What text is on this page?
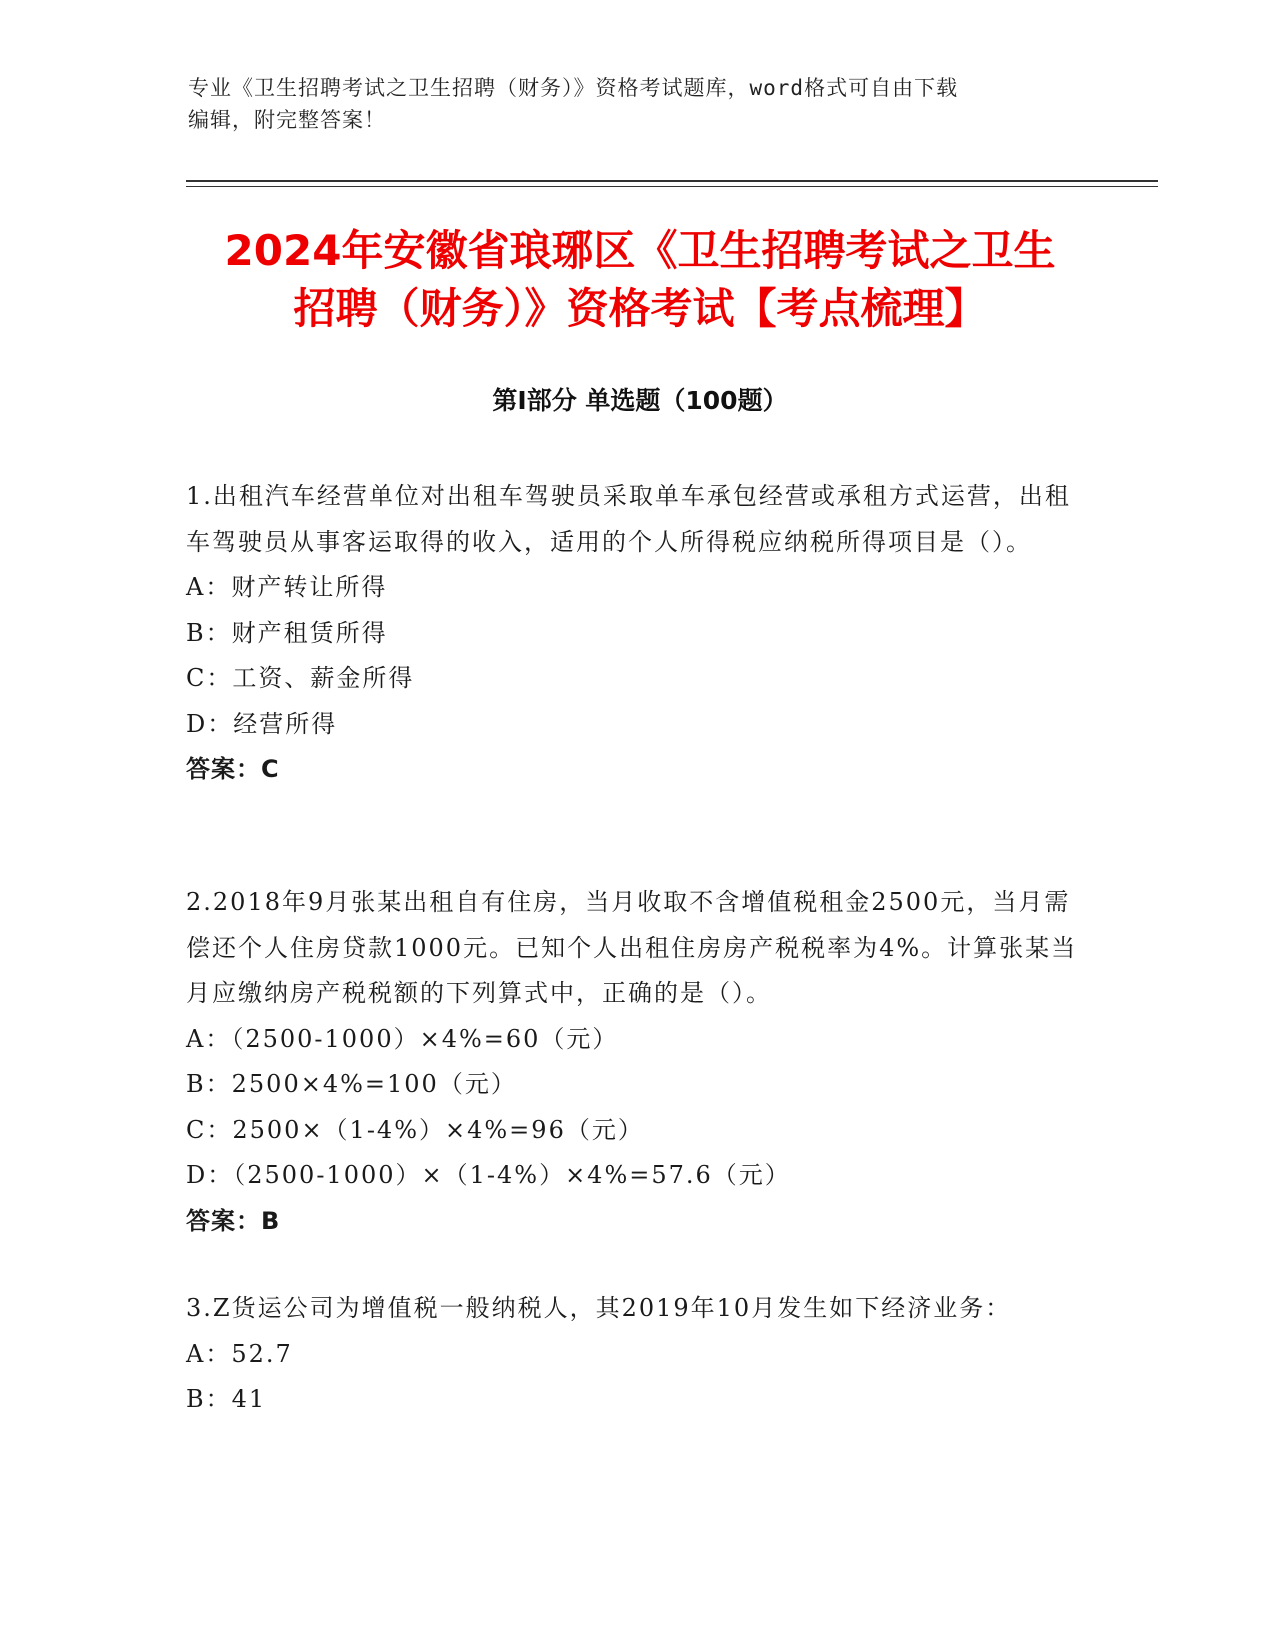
专业《卫生招聘考试之卫生招聘（财务）》资格考试题库，word格式可自由下载
编辑，附完整答案！
2024年安徽省琅琊区《卫生招聘考试之卫生
招聘（财务）》资格考试【考点梳理】
第I部分 单选题（100题）

1.出租汽车经营单位对出租车驾驶员采取单车承包经营或承租方式运营，出租车驾驶员从事客运取得的收入，适用的个人所得税应纳税所得项目是（）。

A：财产转让所得

B：财产租赁所得

C：工资、薪金所得

D：经营所得

答案：C

2.2018年9月张某出租自有住房，当月收取不含增值税租金2500元，当月需偿还个人住房贷款1000元。已知个人出租住房房产税税率为4%。计算张某当月应缴纳房产税税额的下列算式中，正确的是（）。

A：（2500-1000）×4%=60（元）

B：2500×4%=100（元）

C：2500×（1-4%）×4%=96（元）

D：（2500-1000）×（1-4%）×4%=57.6（元）

答案：B

3.Z货运公司为增值税一般纳税人，其2019年10月发生如下经济业务：

A：52.7

B：41
